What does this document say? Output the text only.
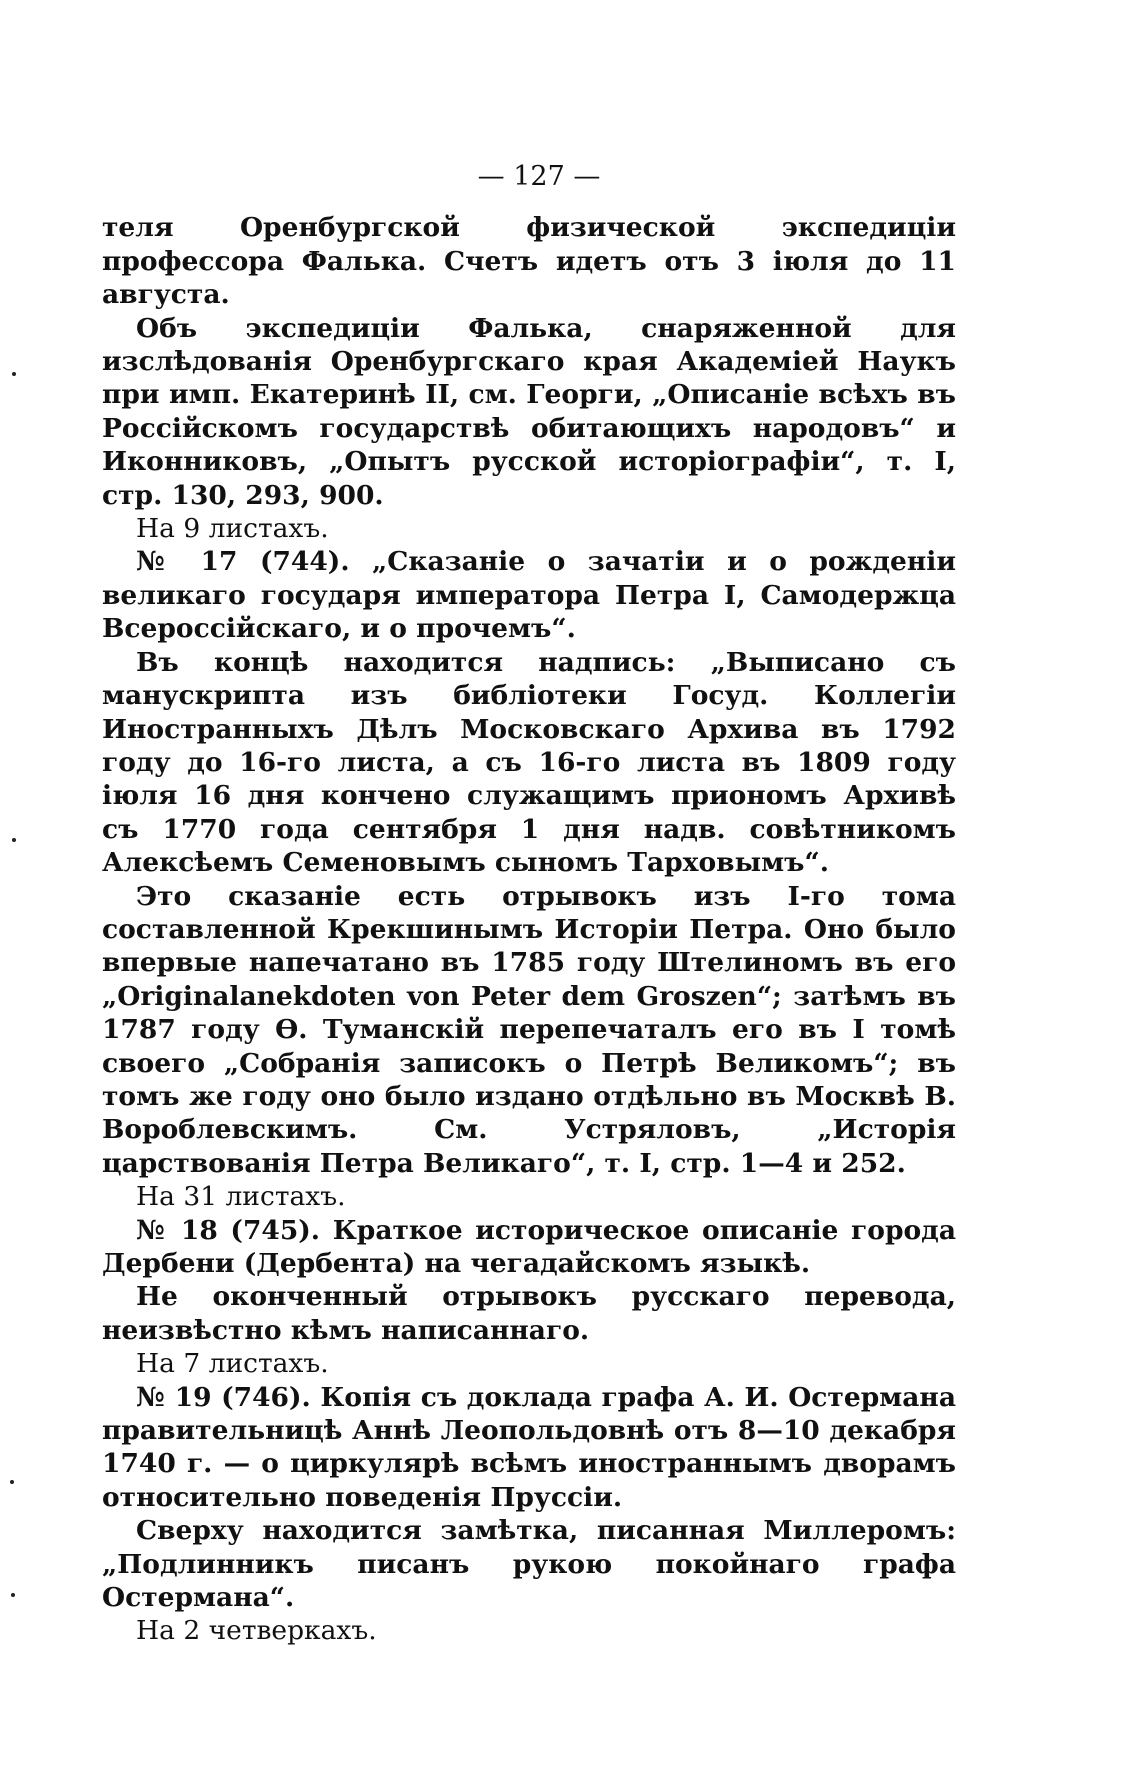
— 127 —

теля Оренбургской физической экспедиціи профессора Фалька. Счетъ идетъ отъ 3 іюля до 11 августа.

Объ экспедиціи Фалька, снаряженной для изслѣдованія Оренбургскаго края Академіей Наукъ при имп. Екатеринѣ II, см. Георги, „Описаніе всѣхъ въ Россійскомъ государствѣ обитающихъ народовъ“ и Иконниковъ, „Опытъ русской исторіографіи“, т. I, стр. 130, 293, 900.

На 9 листахъ.

№ 17 (744). „Сказаніе о зачатіи и о рожденіи великаго государя императора Петра I, Самодержца Всероссійскаго, и о прочемъ“.

Въ концѣ находится надпись: „Выписано съ манускрипта изъ библіотеки Госуд. Коллегіи Иностранныхъ Дѣлъ Московскаго Архива въ 1792 году до 16-го листа, а съ 16-го листа въ 1809 году іюля 16 дня кончено служащимъ приономъ Архивѣ съ 1770 года сентября 1 дня надв. совѣтникомъ Алексѣемъ Семеновымъ сыномъ Тарховымъ“.

Это сказаніе есть отрывокъ изъ I-го тома составленной Крекшинымъ Исторіи Петра. Оно было впервые напечатано въ 1785 году Штелиномъ въ его „Originalanekdoten von Peter dem Groszen“; затѣмъ въ 1787 году Ѳ. Туманскій перепечаталъ его въ I томѣ своего „Собранія записокъ о Петрѣ Великомъ“; въ томъ же году оно было издано отдѣльно въ Москвѣ В. Вороблевскимъ. См. Устряловъ, „Исторія царствованія Петра Великаго“, т. I, стр. 1—4 и 252.

На 31 листахъ.

№ 18 (745). Краткое историческое описаніе города Дербени (Дербента) на чегадайскомъ языкѣ.

Не оконченный отрывокъ русскаго перевода, неизвѣстно кѣмъ написаннаго.

На 7 листахъ.

№ 19 (746). Копія съ доклада графа А. И. Остермана правительницѣ Аннѣ Леопольдовнѣ отъ 8—10 декабря 1740 г. — о циркулярѣ всѣмъ иностраннымъ дворамъ относительно поведенія Пруссіи.

Сверху находится замѣтка, писанная Миллеромъ: „Подлинникъ писанъ рукою покойнаго графа Остермана“.

На 2 четверкахъ.
